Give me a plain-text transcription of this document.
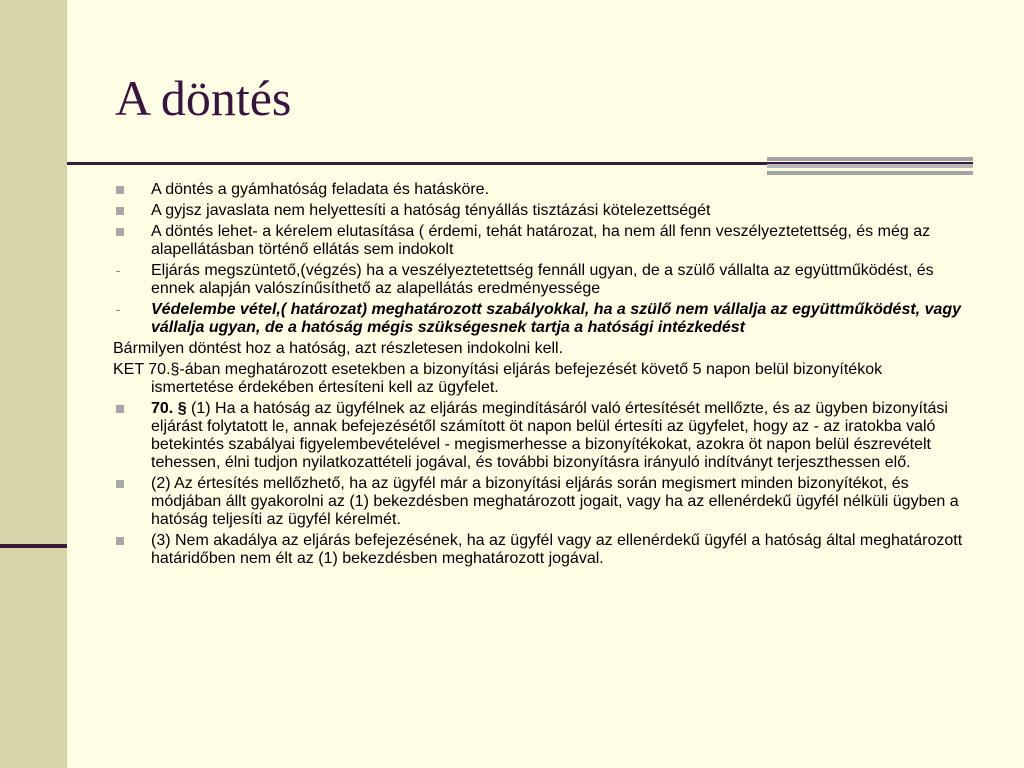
A döntés
A döntés a gyámhatóság feladata és hatásköre.
A gyjsz javaslata nem helyettesíti a hatóság tényállás tisztázási kötelezettségét
A döntés lehet- a kérelem elutasítása ( érdemi, tehát határozat, ha nem áll fenn veszélyeztetettség, és még az alapellátásban történő ellátás sem indokolt
-	Eljárás megszüntető,(végzés) ha a veszélyeztetettség fennáll ugyan, de a szülő vállalta az együttműködést, és ennek alapján valószínűsíthető az alapellátás eredményessége
-	Védelembe vétel,( határozat) meghatározott szabályokkal, ha a szülő nem vállalja az együttműködést, vagy vállalja ugyan, de a hatóság mégis szükségesnek tartja a hatósági intézkedést
Bármilyen döntést hoz a hatóság, azt részletesen indokolni kell.
KET 70.§-ában meghatározott esetekben a bizonyítási eljárás befejezését követő 5 napon belül bizonyítékok ismertetése érdekében értesíteni kell az ügyfelet.
70. § (1) Ha a hatóság az ügyfélnek az eljárás megindításáról való értesítését mellőzte, és az ügyben bizonyítási eljárást folytatott le, annak befejezésétől számított öt napon belül értesíti az ügyfelet, hogy az - az iratokba való betekintés szabályai figyelembevételével - megismerhesse a bizonyítékokat, azokra öt napon belül észrevételt tehessen, élni tudjon nyilatkozattételi jogával, és további bizonyításra irányuló indítványt terjeszthessen elő.
(2) Az értesítés mellőzhető, ha az ügyfél már a bizonyítási eljárás során megismert minden bizonyítékot, és módjában állt gyakorolni az (1) bekezdésben meghatározott jogait, vagy ha az ellenérdekű ügyfél nélküli ügyben a hatóság teljesíti az ügyfél kérelmét.
(3) Nem akadálya az eljárás befejezésének, ha az ügyfél vagy az ellenérdekű ügyfél a hatóság által meghatározott határidőben nem élt az (1) bekezdésben meghatározott jogával.
